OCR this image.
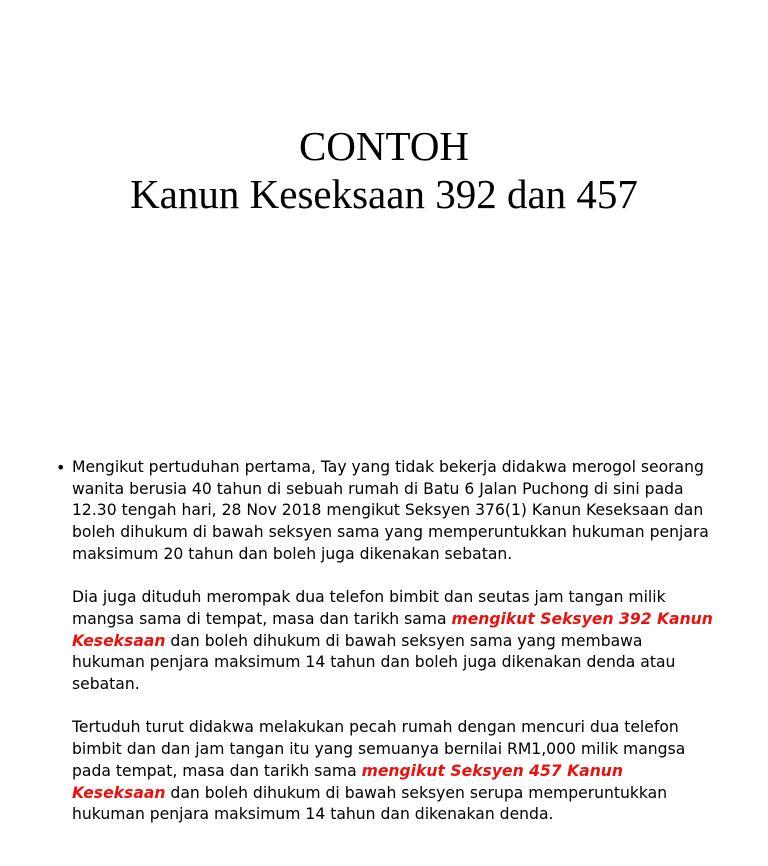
CONTOH
Kanun Keseksaan 392 dan 457
• Mengikut pertuduhan pertama, Tay yang tidak bekerja didakwa merogol seorang wanita berusia 40 tahun di sebuah rumah di Batu 6 Jalan Puchong di sini pada 12.30 tengah hari, 28 Nov 2018 mengikut Seksyen 376(1) Kanun Keseksaan dan boleh dihukum di bawah seksyen sama yang memperuntukkan hukuman penjara maksimum 20 tahun dan boleh juga dikenakan sebatan.

Dia juga dituduh merompak dua telefon bimbit dan seutas jam tangan milik mangsa sama di tempat, masa dan tarikh sama mengikut Seksyen 392 Kanun Keseksaan dan boleh dihukum di bawah seksyen sama yang membawa hukuman penjara maksimum 14 tahun dan boleh juga dikenakan denda atau sebatan.

Tertuduh turut didakwa melakukan pecah rumah dengan mencuri dua telefon bimbit dan dan jam tangan itu yang semuanya bernilai RM1,000 milik mangsa pada tempat, masa dan tarikh sama mengikut Seksyen 457 Kanun Keseksaan dan boleh dihukum di bawah seksyen serupa memperuntukkan hukuman penjara maksimum 14 tahun dan dikenakan denda.
